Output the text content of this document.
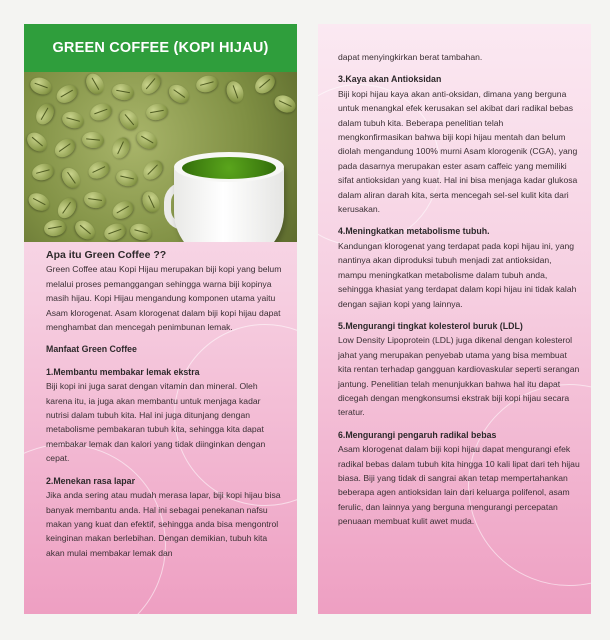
GREEN COFFEE (KOPI HIJAU)

Apa itu Green Coffee ??

Green Coffee atau Kopi Hijau merupakan biji kopi yang belum melalui proses pemanggangan sehingga warna biji kopinya masih hijau. Kopi Hijau mengandung komponen utama yaitu Asam klorogenat. Asam klorogenat dalam biji kopi hijau dapat menghambat dan mencegah penimbunan lemak.

Manfaat Green Coffee

1.Membantu membakar lemak ekstra

Biji kopi ini juga sarat dengan vitamin dan mineral. Oleh karena itu, ia juga akan membantu untuk menjaga kadar nutrisi dalam tubuh kita. Hal ini juga ditunjang dengan metabolisme pembakaran tubuh kita, sehingga kita dapat membakar lemak dan kalori yang tidak diinginkan dengan cepat.

2.Menekan rasa lapar

Jika anda sering atau mudah merasa lapar, biji kopi hijau bisa banyak membantu anda. Hal ini sebagai penekanan nafsu makan yang kuat dan efektif, sehingga anda bisa mengontrol keinginan makan berlebihan. Dengan demikian, tubuh kita akan mulai membakar lemak dan

dapat menyingkirkan berat tambahan.

3.Kaya akan Antioksidan

Biji kopi hijau kaya akan anti-oksidan, dimana yang berguna untuk menangkal efek kerusakan sel akibat dari radikal bebas dalam tubuh kita. Beberapa penelitian telah mengkonfirmasikan bahwa biji kopi hijau mentah dan belum diolah mengandung 100% murni Asam klorogenik (CGA), yang pada dasarnya merupakan ester asam caffeic yang memiliki sifat antioksidan yang kuat. Hal ini bisa menjaga kadar glukosa dalam aliran darah kita, serta mencegah sel-sel kulit kita dari kerusakan.

4.Meningkatkan metabolisme tubuh.

Kandungan klorogenat yang terdapat pada kopi hijau ini, yang nantinya akan diproduksi tubuh menjadi zat antioksidan, mampu meningkatkan metabolisme dalam tubuh anda, sehingga khasiat yang terdapat dalam kopi hijau ini tidak kalah dengan sajian kopi yang lainnya.

5.Mengurangi tingkat kolesterol buruk (LDL)

Low Density Lipoprotein (LDL) juga dikenal dengan kolesterol jahat yang merupakan penyebab utama yang bisa membuat kita rentan terhadap gangguan kardiovaskular seperti serangan jantung. Penelitian telah menunjukkan bahwa hal itu dapat dicegah dengan mengkonsumsi ekstrak biji kopi hijau secara teratur.

6.Mengurangi pengaruh radikal bebas

Asam klorogenat dalam biji kopi hijau dapat mengurangi efek radikal bebas dalam tubuh kita hingga 10 kali lipat dari teh hijau biasa. Biji yang tidak di sangrai akan tetap mempertahankan beberapa agen antioksidan lain dari keluarga polifenol, asam ferulic, dan lainnya yang berguna mengurangi percepatan penuaan membuat kulit awet muda.
